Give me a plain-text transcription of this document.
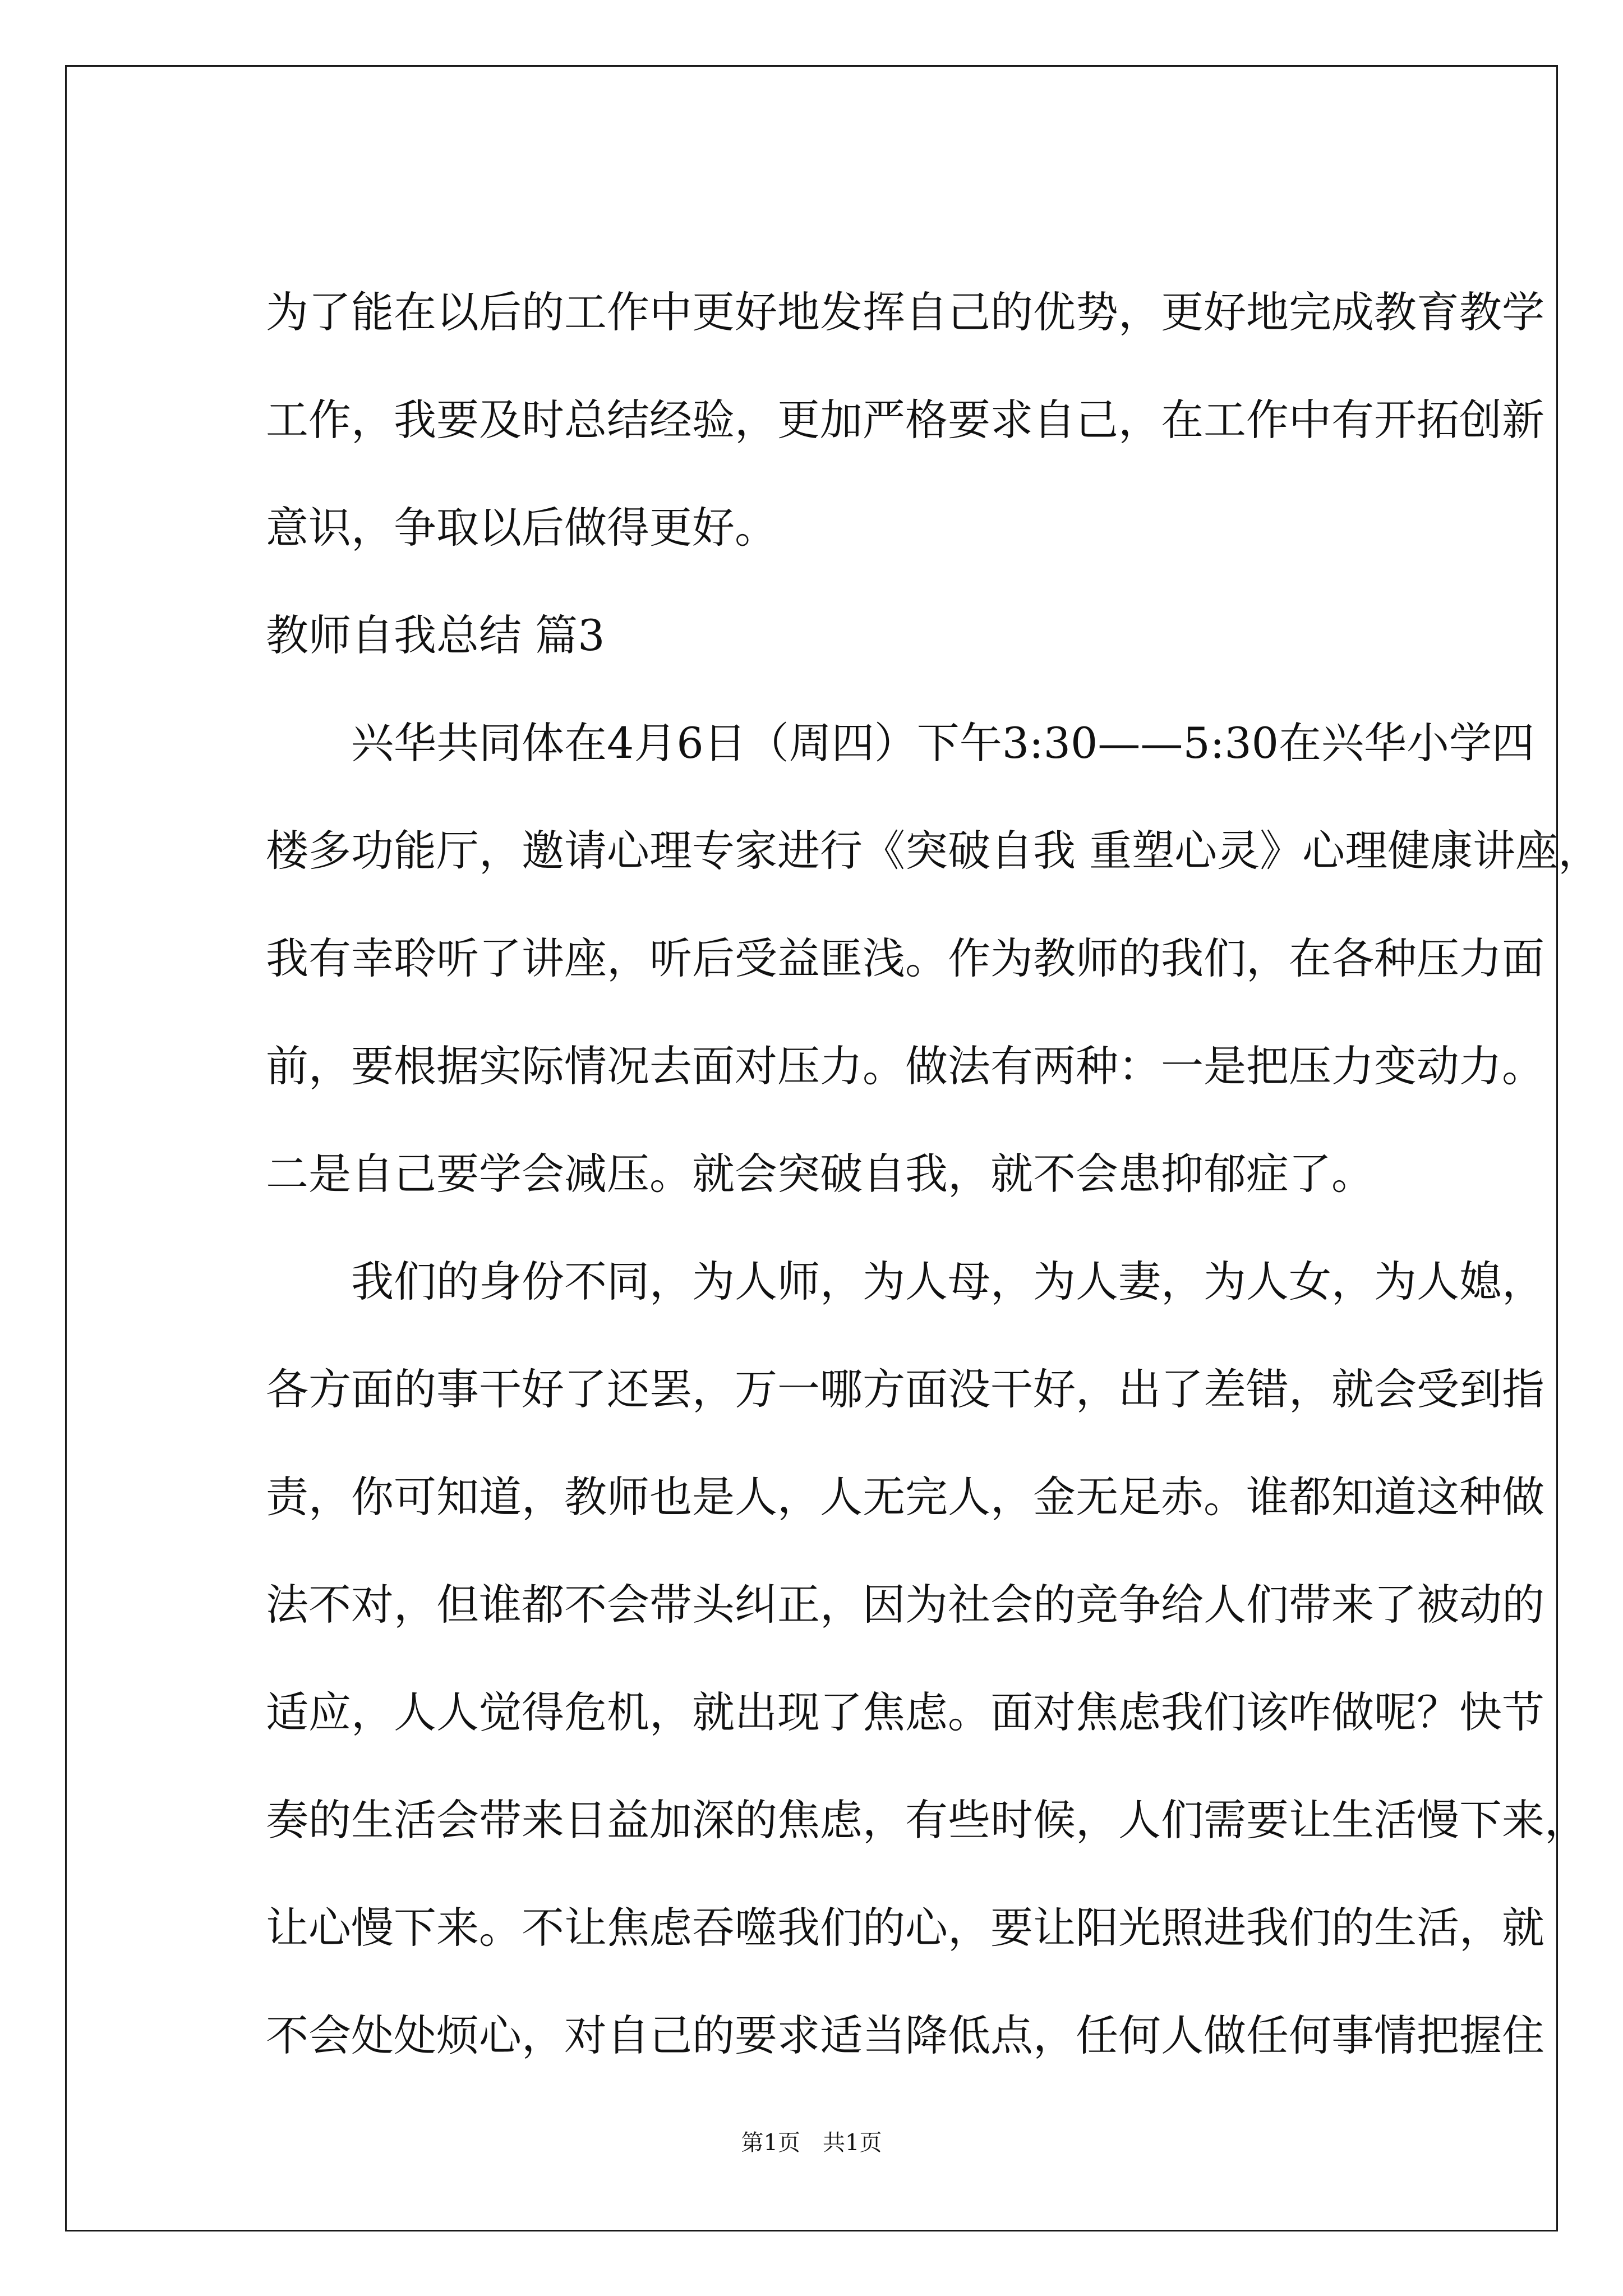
为了能在以后的工作中更好地发挥自己的优势，更好地完成教育教学
工作，我要及时总结经验，更加严格要求自己，在工作中有开拓创新
意识，争取以后做得更好。
教师自我总结 篇3
兴华共同体在4月6日（周四）下午3:30——5:30在兴华小学四
楼多功能厅，邀请心理专家进行《突破自我 重塑心灵》心理健康讲座，
我有幸聆听了讲座，听后受益匪浅。作为教师的我们，在各种压力面
前，要根据实际情况去面对压力。做法有两种：一是把压力变动力。
二是自己要学会减压。就会突破自我，就不会患抑郁症了。
我们的身份不同，为人师，为人母，为人妻，为人女，为人媳，
各方面的事干好了还罢，万一哪方面没干好，出了差错，就会受到指
责，你可知道，教师也是人，人无完人，金无足赤。谁都知道这种做
法不对，但谁都不会带头纠正，因为社会的竞争给人们带来了被动的
适应，人人觉得危机，就出现了焦虑。面对焦虑我们该咋做呢？快节
奏的生活会带来日益加深的焦虑，有些时候，人们需要让生活慢下来，
让心慢下来。不让焦虑吞噬我们的心，要让阳光照进我们的生活，就
不会处处烦心，对自己的要求适当降低点，任何人做任何事情把握住
第1页　共1页
